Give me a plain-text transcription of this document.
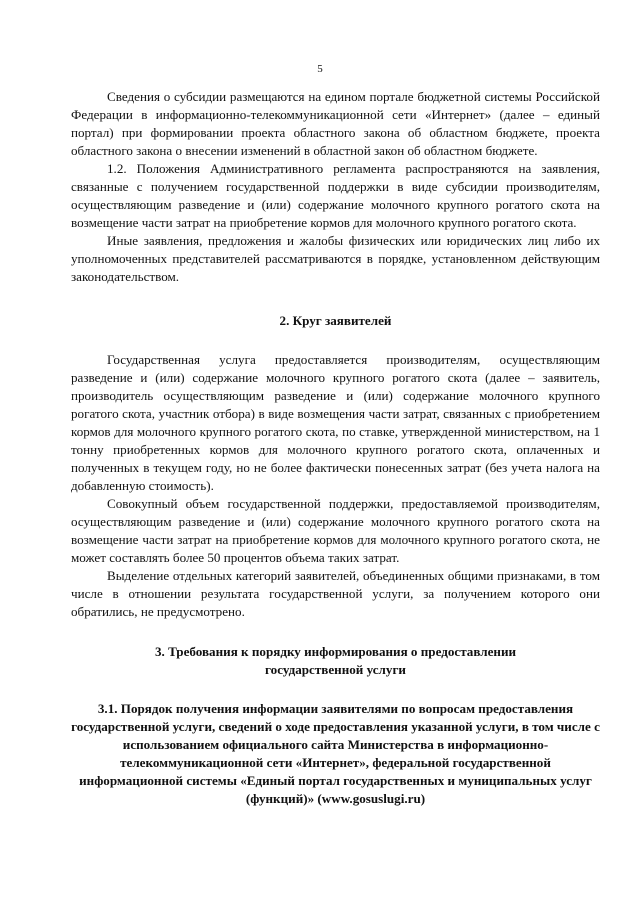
5

Сведения о субсидии размещаются на едином портале бюджетной системы Российской Федерации в информационно-телекоммуникационной сети «Интернет» (далее – единый портал) при формировании проекта областного закона об областном бюджете, проекта областного закона о внесении изменений в областной закон об областном бюджете.

1.2. Положения Административного регламента распространяются на заявления, связанные с получением государственной поддержки в виде субсидии производителям, осуществляющим разведение и (или) содержание молочного крупного рогатого скота на возмещение части затрат на приобретение кормов для молочного крупного рогатого скота.

Иные заявления, предложения и жалобы физических или юридических лиц либо их уполномоченных представителей рассматриваются в порядке, установленном действующим законодательством.

2. Круг заявителей

Государственная услуга предоставляется производителям, осуществляющим разведение и (или) содержание молочного крупного рогатого скота (далее – заявитель, производитель осуществляющим разведение и (или) содержание молочного крупного рогатого скота, участник отбора) в виде возмещения части затрат, связанных с приобретением кормов для молочного крупного рогатого скота, по ставке, утвержденной министерством, на 1 тонну приобретенных кормов для молочного крупного рогатого скота, оплаченных и полученных в текущем году, но не более фактически понесенных затрат (без учета налога на добавленную стоимость).

Совокупный объем государственной поддержки, предоставляемой производителям, осуществляющим разведение и (или) содержание молочного крупного рогатого скота на возмещение части затрат на приобретение кормов для молочного крупного рогатого скота, не может составлять более 50 процентов объема таких затрат.

Выделение отдельных категорий заявителей, объединенных общими признаками, в том числе в отношении результата государственной услуги, за получением которого они обратились, не предусмотрено.

3. Требования к порядку информирования о предоставлении государственной услуги
3.1. Порядок получения информации заявителями по вопросам предоставления государственной услуги, сведений о ходе предоставления указанной услуги, в том числе с использованием официального сайта Министерства в информационно-телекоммуникационной сети «Интернет», федеральной государственной информационной системы «Единый портал государственных и муниципальных услуг (функций)» (www.gosuslugi.ru)
